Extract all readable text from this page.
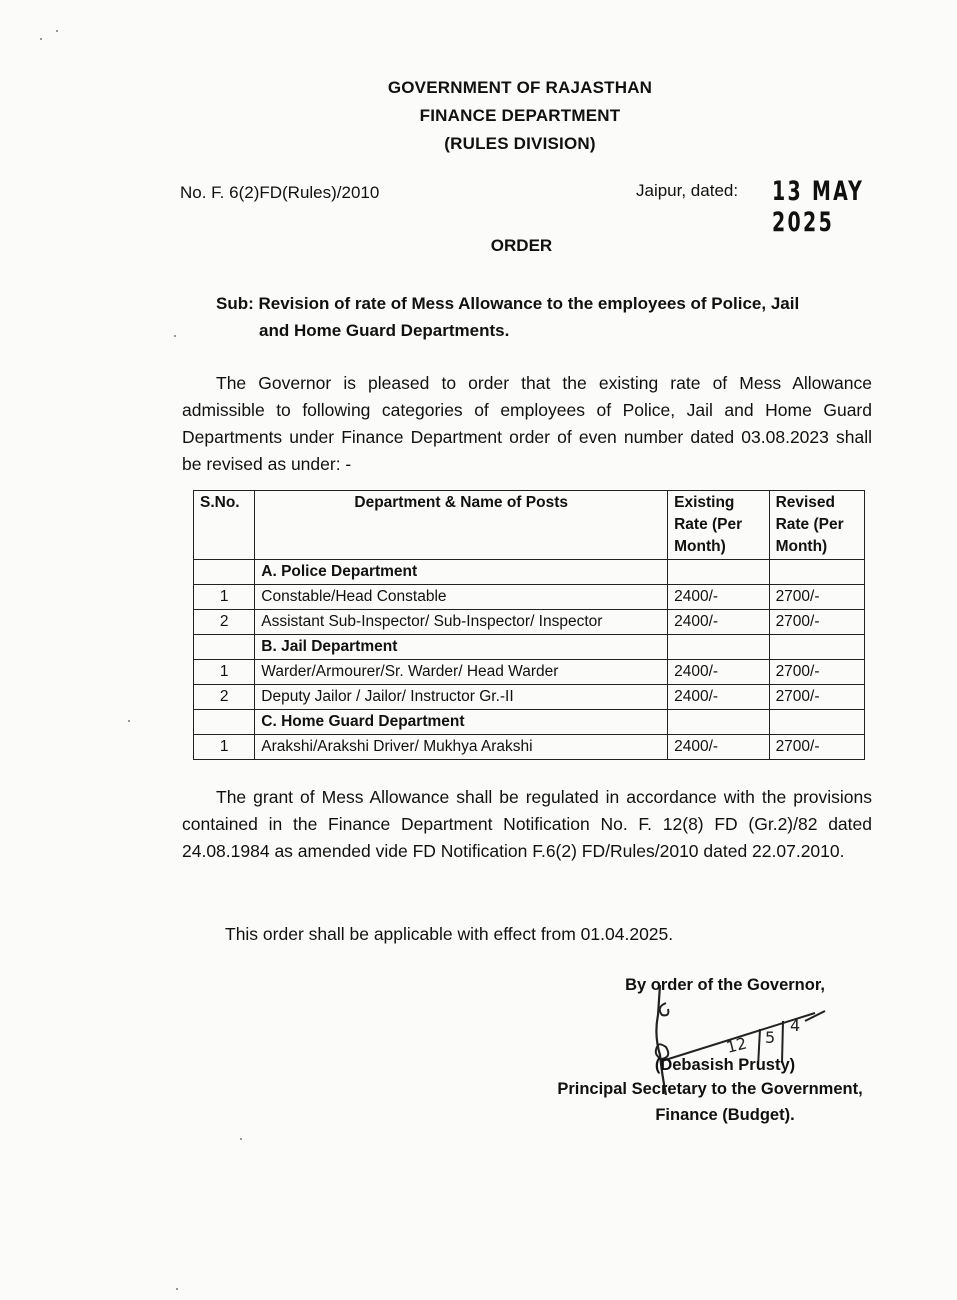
GOVERNMENT OF RAJASTHAN
FINANCE DEPARTMENT
(RULES DIVISION)
No. F. 6(2)FD(Rules)/2010	Jaipur, dated: 13 MAY 2025
ORDER
Sub: Revision of rate of Mess Allowance to the employees of Police, Jail
and Home Guard Departments.
The Governor is pleased to order that the existing rate of Mess Allowance admissible to following categories of employees of Police, Jail and Home Guard Departments under Finance Department order of even number dated 03.08.2023 shall be revised as under: -
S.No.	Department & Name of Posts	Existing Rate (Per Month)	Revised Rate (Per Month)
	A. Police Department		
1	Constable/Head Constable	2400/-	2700/-
2	Assistant Sub-Inspector/ Sub-Inspector/ Inspector	2400/-	2700/-
	B. Jail Department		
1	Warder/Armourer/Sr. Warder/ Head Warder	2400/-	2700/-
2	Deputy Jailor / Jailor/ Instructor Gr.-II	2400/-	2700/-
	C. Home Guard Department		
1	Arakshi/Arakshi Driver/ Mukhya Arakshi	2400/-	2700/-
The grant of Mess Allowance shall be regulated in accordance with the provisions contained in the Finance Department Notification No. F. 12(8) FD (Gr.2)/82 dated 24.08.1984 as amended vide FD Notification F.6(2) FD/Rules/2010 dated 22.07.2010.
This order shall be applicable with effect from 01.04.2025.
By order of the Governor,
12 5
4
(Debasish Prusty)
Principal Secretary to the Government,
Finance (Budget).
